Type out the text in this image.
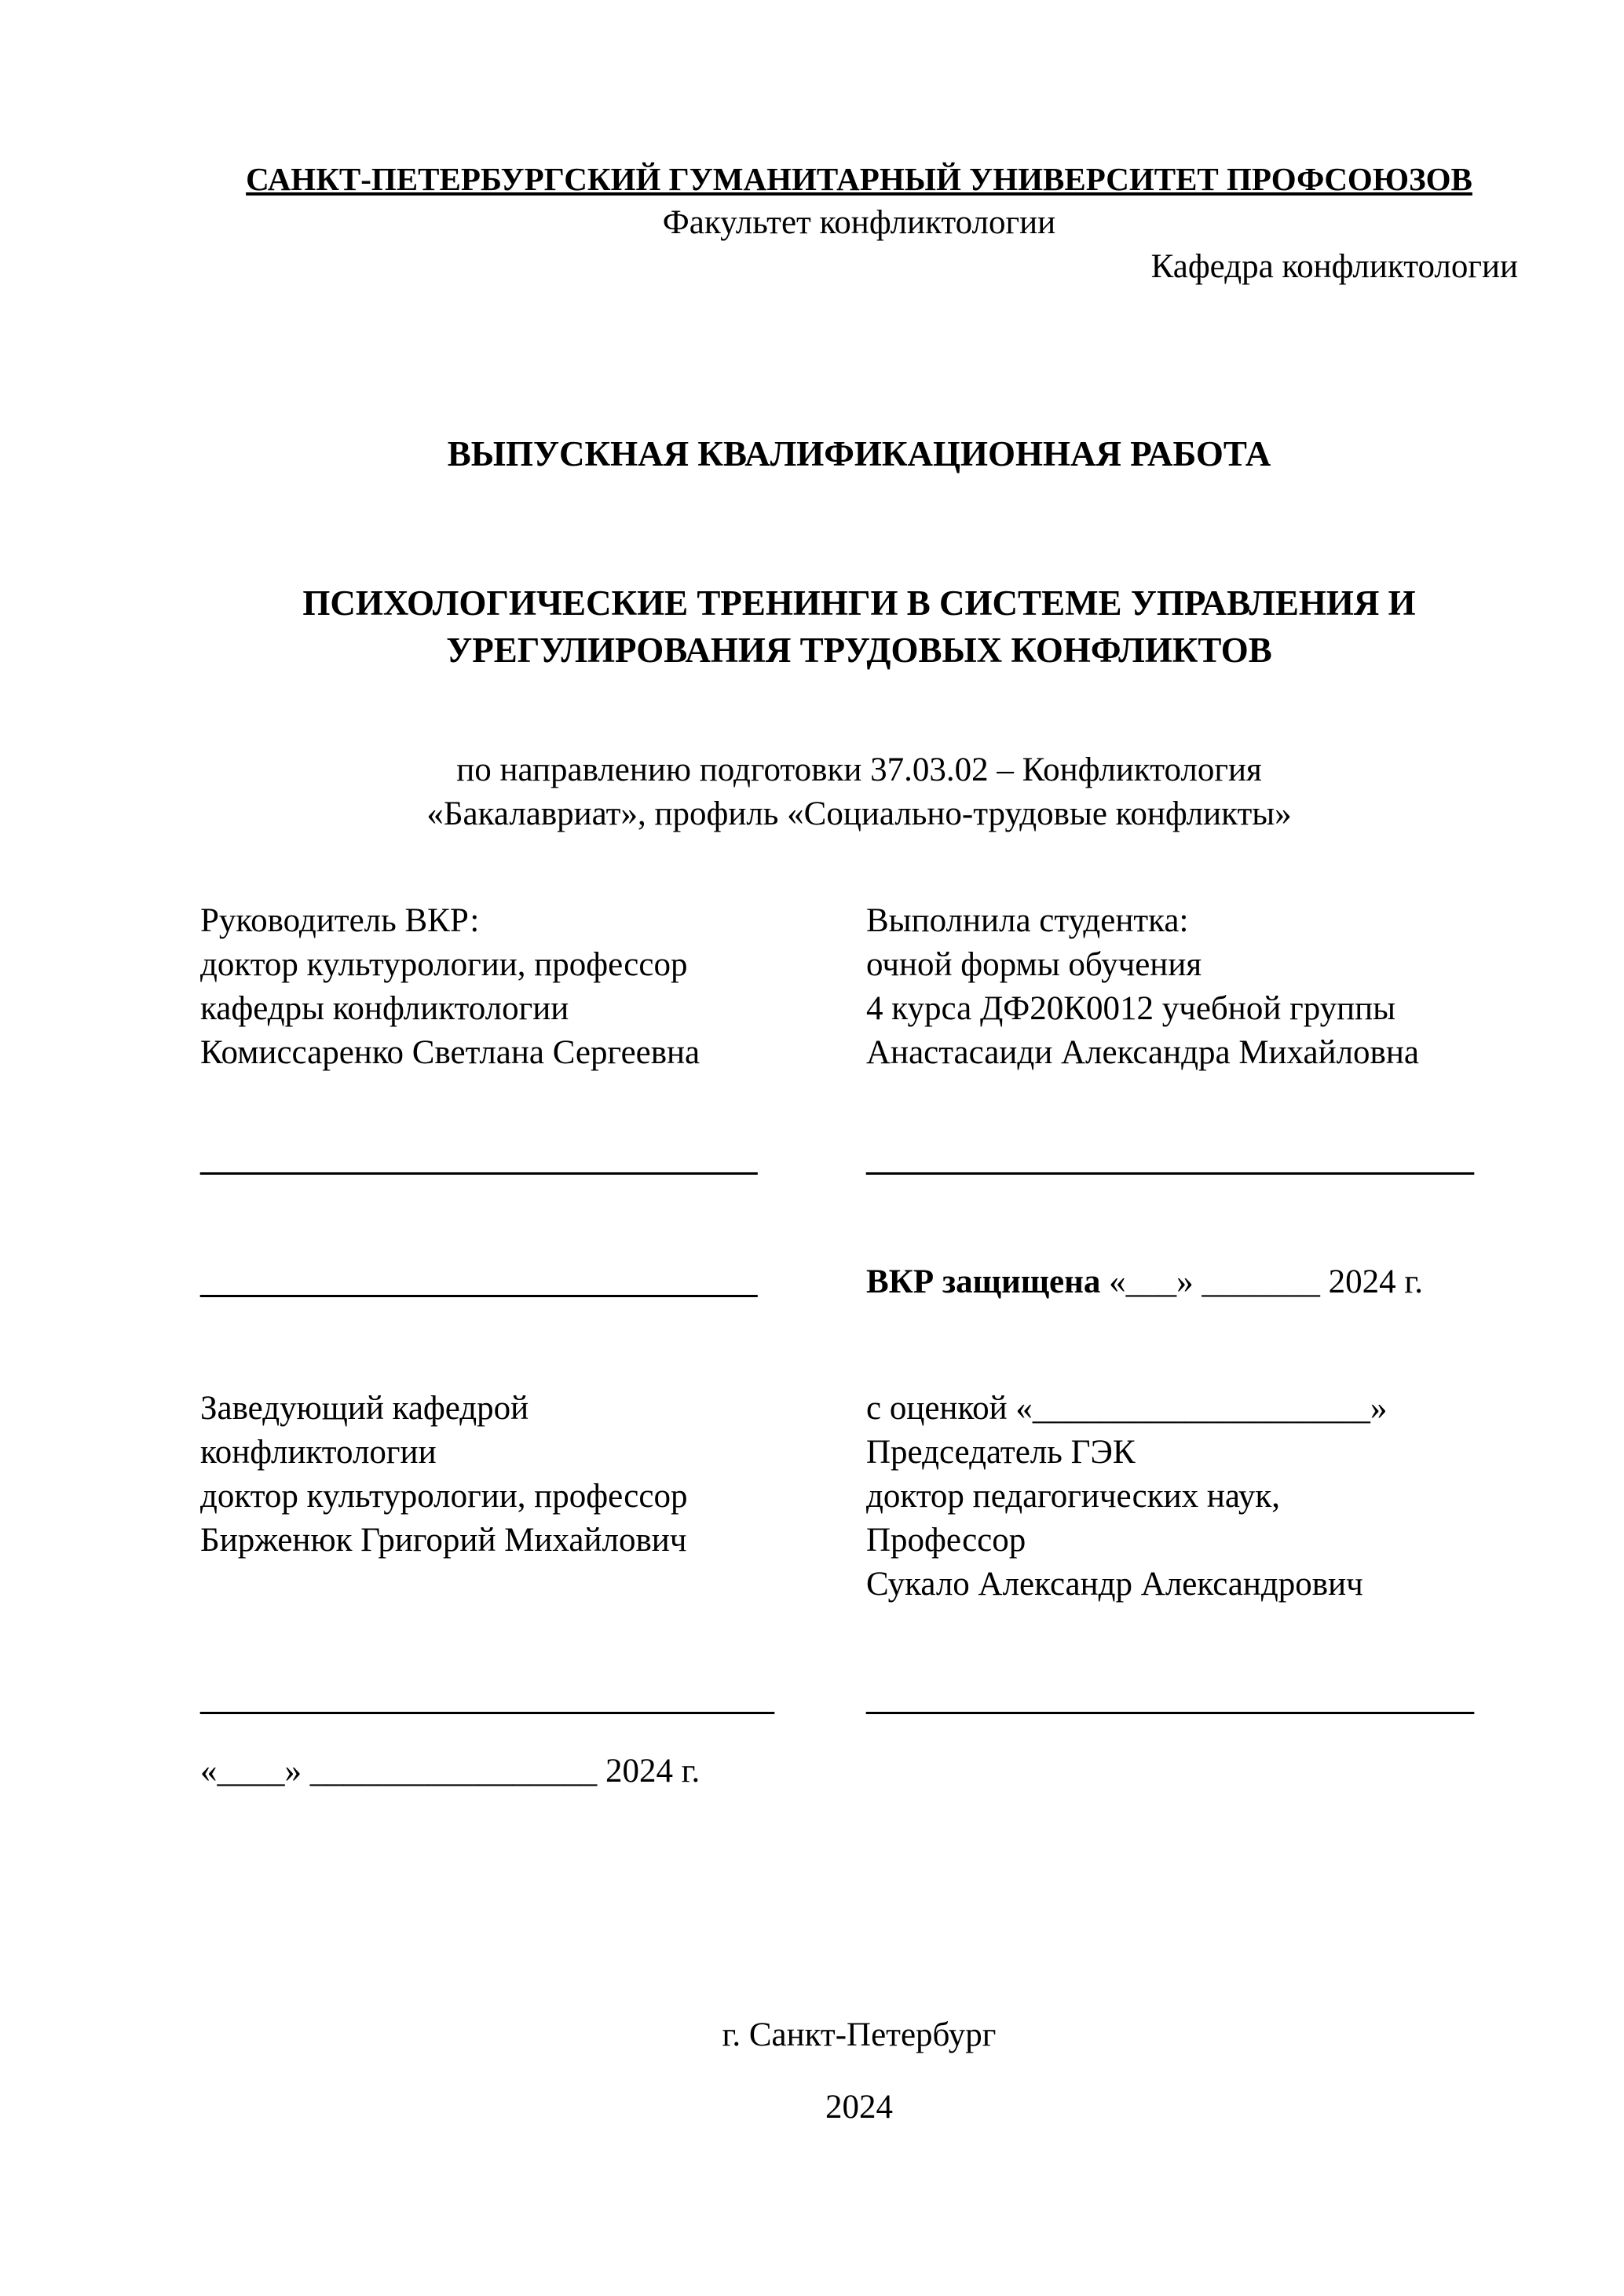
САНКТ-ПЕТЕРБУРГСКИЙ ГУМАНИТАРНЫЙ УНИВЕРСИТЕТ ПРОФСОЮЗОВ
Факультет конфликтологии
Кафедра конфликтологии
ВЫПУСКНАЯ КВАЛИФИКАЦИОННАЯ РАБОТА
ПСИХОЛОГИЧЕСКИЕ ТРЕНИНГИ В СИСТЕМЕ УПРАВЛЕНИЯ И
УРЕГУЛИРОВАНИЯ ТРУДОВЫХ КОНФЛИКТОВ
по направлению подготовки 37.03.02 – Конфликтология
«Бакалавриат», профиль «Социально-трудовые конфликты»
Руководитель ВКР:
доктор культурологии, профессор
кафедры конфликтологии
Комиссаренко Светлана Сергеевна
Выполнила студентка:
очной формы обучения
4 курса ДФ20К0012 учебной группы
Анастасаиди Александра Михайловна
_________________________________	____________________________________
_________________________________	ВКР защищена «___» _______ 2024 г.
Заведующий кафедрой
конфликтологии
доктор культурологии, профессор
Бирженюк Григорий Михайлович
с оценкой «____________________»
Председатель ГЭК
доктор педагогических наук,
Профессор
Сукало Александр Александрович
__________________________________	____________________________________
«____» _________________ 2024 г.
г. Санкт-Петербург
2024
